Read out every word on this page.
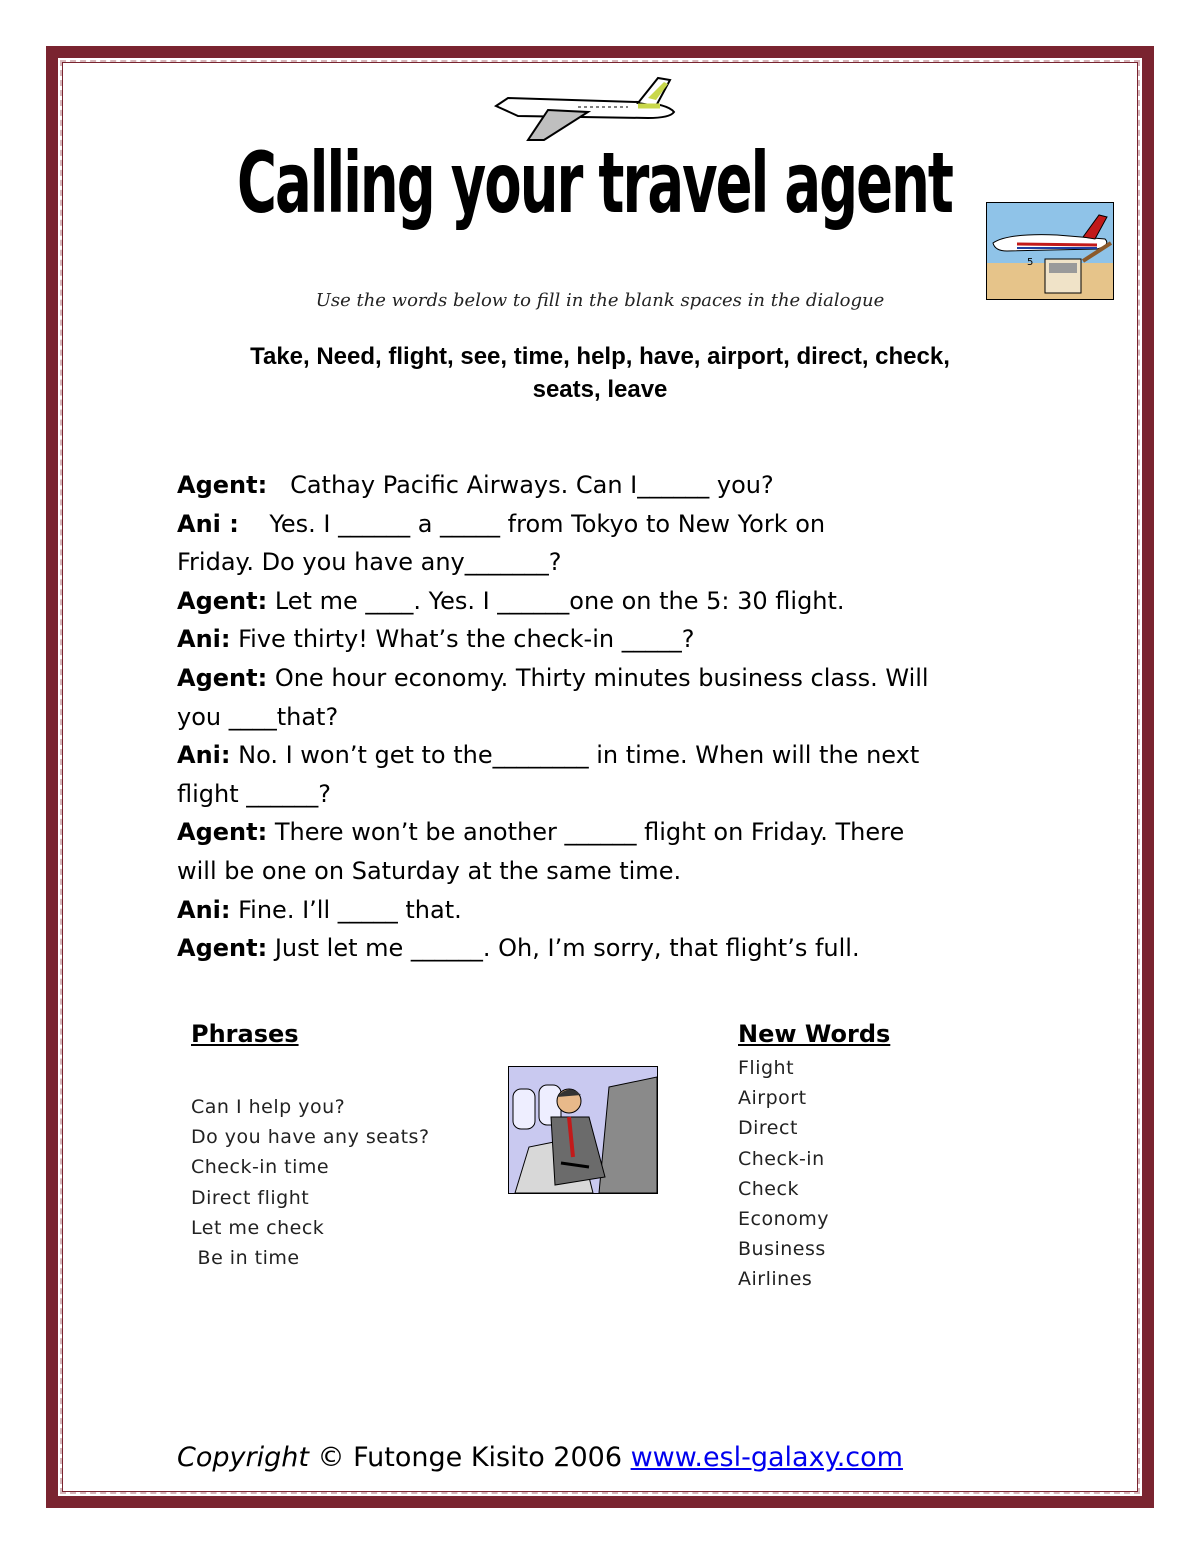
Calling your travel agent
5
Use the words below to fill in the blank spaces in the dialogue
Take, Need, flight, see, time, help, have, airport, direct, check,
seats, leave
Agent:   Cathay Pacific Airways. Can I______ you?
Ani :    Yes. I ______ a _____ from Tokyo to New York on
Friday. Do you have any_______?
Agent: Let me ____. Yes. I ______one on the 5: 30 flight.
Ani: Five thirty! What’s the check-in _____?
Agent: One hour economy. Thirty minutes business class. Will
you ____that?
Ani: No. I won’t get to the________ in time. When will the next
flight ______?
Agent: There won’t be another ______ flight on Friday. There
will be one on Saturday at the same time.
Ani: Fine. I’ll _____ that.
Agent: Just let me ______. Oh, I’m sorry, that flight’s full.
Phrases
Can I help you?
Do you have any seats?
Check-in time
Direct flight
Let me check
Be in time
New Words
Flight
Airport
Direct
Check-in
Check
Economy
Business
Airlines
Copyright © Futonge Kisito 2006 www.esl-galaxy.com
